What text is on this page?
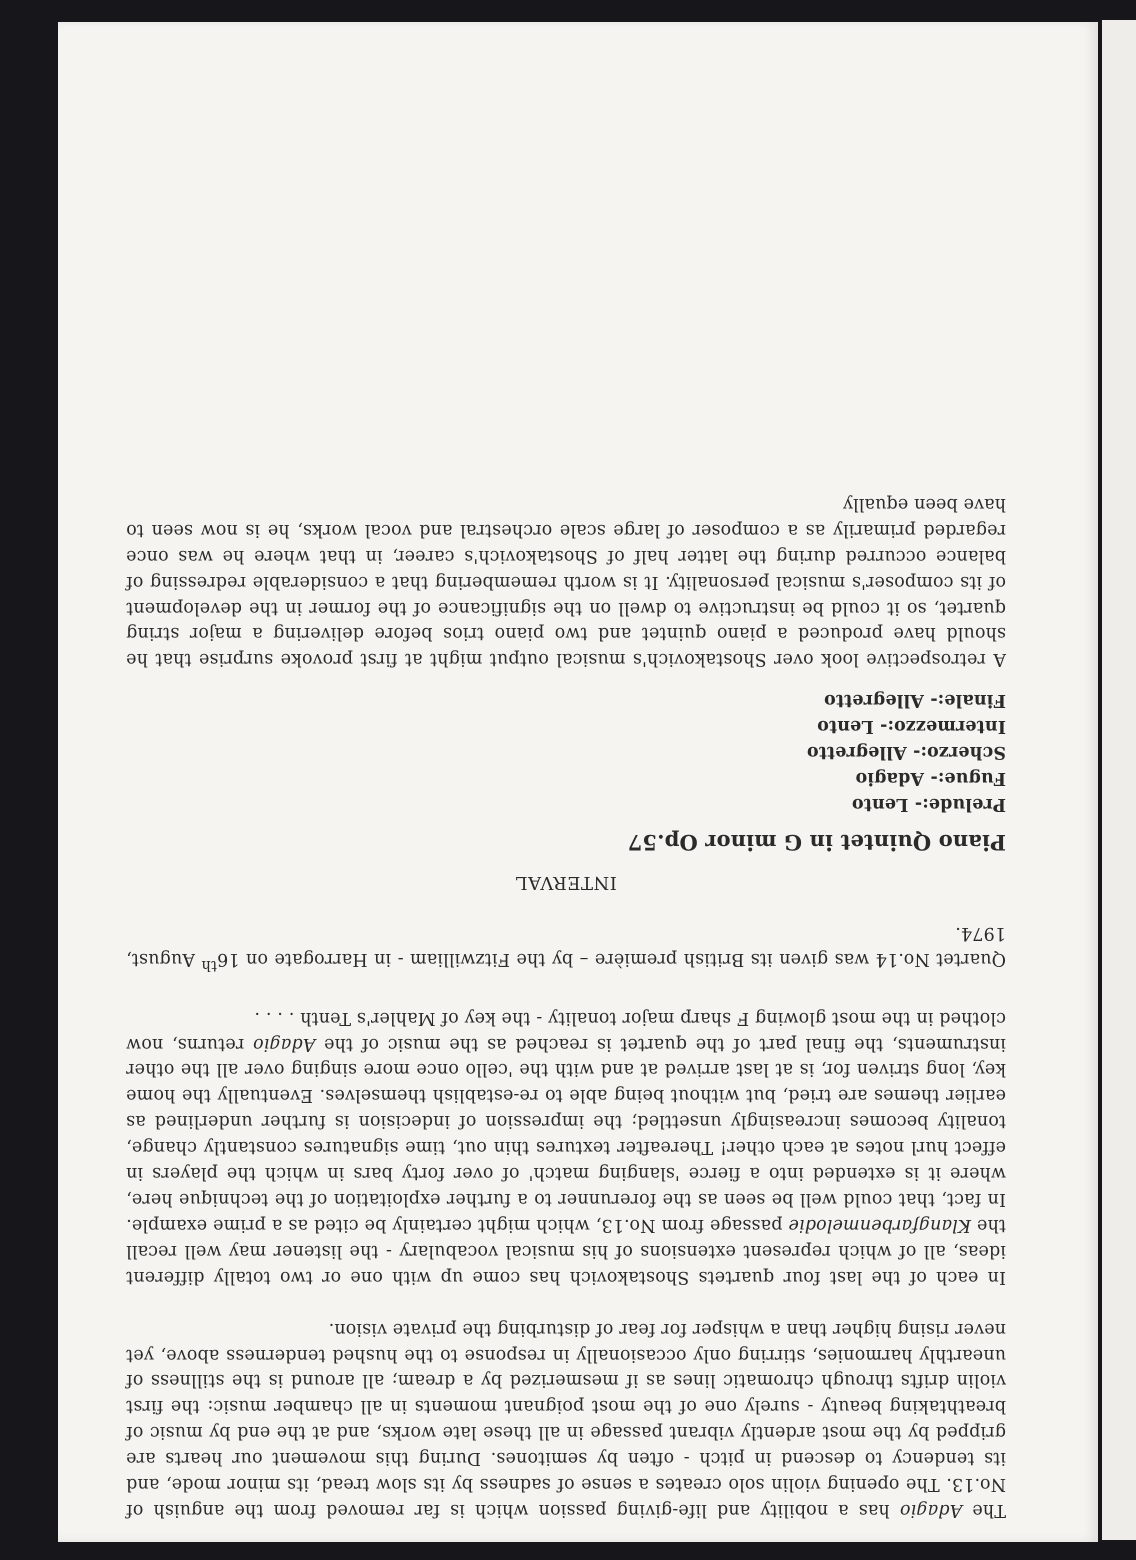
The Adagio has a nobility and life-giving passion which is far removed from the anguish of No.13. The opening violin solo creates a sense of sadness by its slow tread, its minor mode, and its tendency to descend in pitch - often by semitones. During this movement our hearts are gripped by the most ardently vibrant passage in all these late works, and at the end by music of breathtaking beauty - surely one of the most poignant moments in all chamber music: the first violin drifts through chromatic lines as if mesmerized by a dream; all around is the stillness of unearthly harmonies, stirring only occasionally in response to the hushed tenderness above, yet never rising higher than a whisper for fear of disturbing the private vision.

In each of the last four quartets Shostakovich has come up with one or two totally different ideas, all of which represent extensions of his musical vocabulary - the listener may well recall the Klangfarbenmelodie passage from No.13, which might certainly be cited as a prime example. In fact, that could well be seen as the forerunner to a further exploitation of the technique here, where it is extended into a fierce 'slanging match' of over forty bars in which the players in effect hurl notes at each other! Thereafter textures thin out, time signatures constantly change, tonality becomes increasingly unsettled; the impression of indecision is further underlined as earlier themes are tried, but without being able to re-establish themselves. Eventually the home key, long striven for, is at last arrived at and with the 'cello once more singing over all the other instruments, the final part of the quartet is reached as the music of the Adagio returns, now clothed in the most glowing F sharp major tonality - the key of Mahler's Tenth . . . .

Quartet No.14 was given its British première – by the Fitzwilliam - in Harrogate on 16th August, 1974.

INTERVAL
Piano Quintet in G minor Op.57
Prelude:- Lento
Fugue:- Adagio
Scherzo:- Allegretto
Intermezzo:- Lento
Finale:- Allegretto

A retrospective look over Shostakovich's musical output might at first provoke surprise that he should have produced a piano quintet and two piano trios before delivering a major string quartet, so it could be instructive to dwell on the significance of the former in the development of its composer's musical personality. It is worth remembering that a considerable redressing of balance occurred during the latter half of Shostakovich's career, in that where he was once regarded primarily as a composer of large scale orchestral and vocal works, he is now seen to have been equally
